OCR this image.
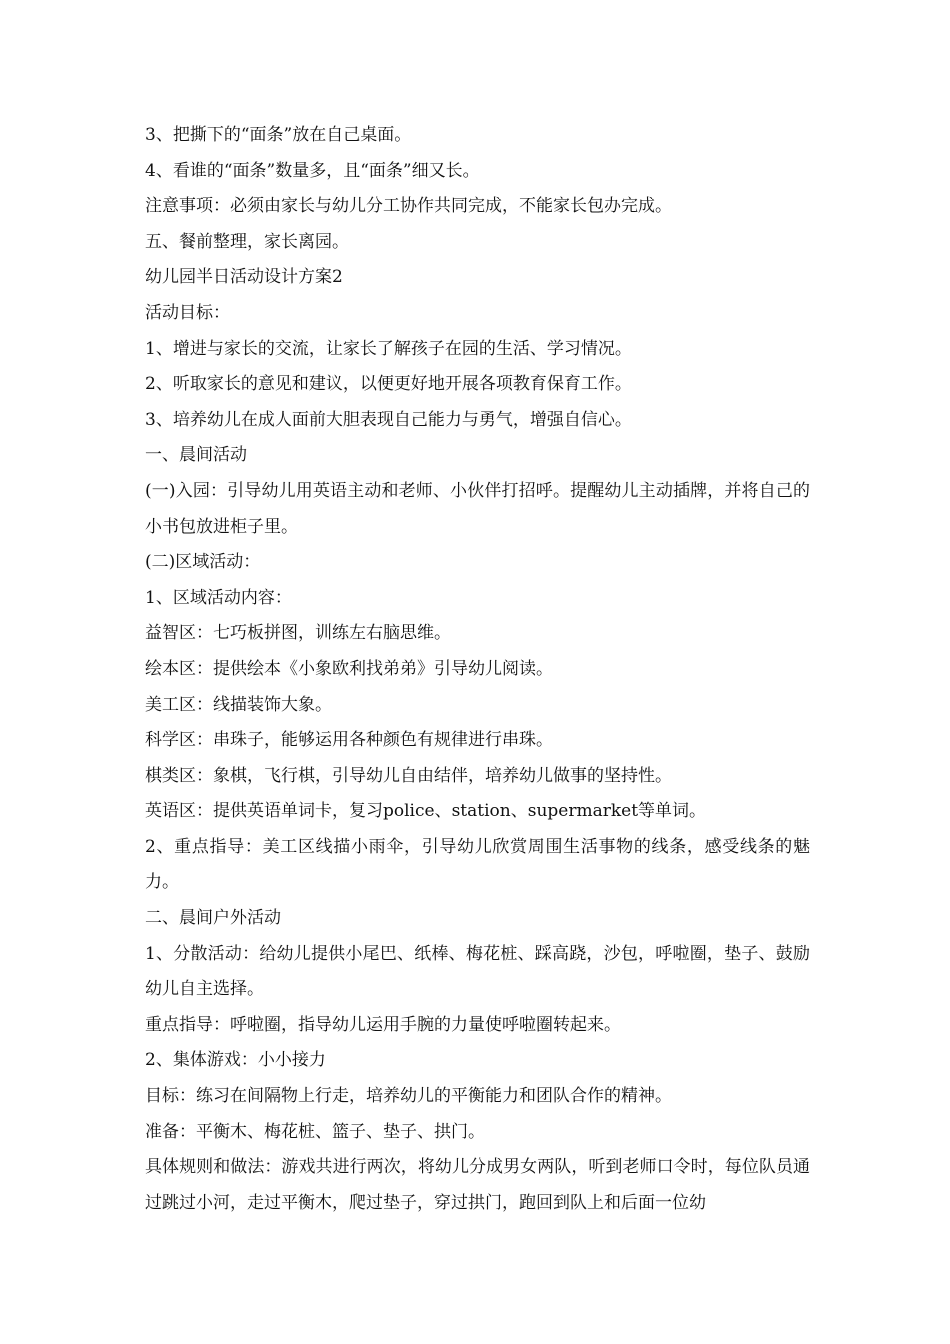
3、把撕下的“面条”放在自己桌面。

4、看谁的“面条”数量多，且“面条”细又长。

注意事项：必须由家长与幼儿分工协作共同完成，不能家长包办完成。

五、餐前整理，家长离园。

幼儿园半日活动设计方案2

活动目标：

1、增进与家长的交流，让家长了解孩子在园的生活、学习情况。

2、听取家长的意见和建议，以便更好地开展各项教育保育工作。

3、培养幼儿在成人面前大胆表现自己能力与勇气，增强自信心。

一、晨间活动

(一)入园：引导幼儿用英语主动和老师、小伙伴打招呼。提醒幼儿主动插牌，并将自己的小书包放进柜子里。

(二)区域活动：

1、区域活动内容：

益智区：七巧板拼图，训练左右脑思维。

绘本区：提供绘本《小象欧利找弟弟》引导幼儿阅读。

美工区：线描装饰大象。

科学区：串珠子，能够运用各种颜色有规律进行串珠。

棋类区：象棋，飞行棋，引导幼儿自由结伴，培养幼儿做事的坚持性。

英语区：提供英语单词卡，复习police、station、supermarket等单词。

2、重点指导：美工区线描小雨伞，引导幼儿欣赏周围生活事物的线条，感受线条的魅力。

二、晨间户外活动

1、分散活动：给幼儿提供小尾巴、纸棒、梅花桩、踩高跷，沙包，呼啦圈，垫子、鼓励幼儿自主选择。

重点指导：呼啦圈，指导幼儿运用手腕的力量使呼啦圈转起来。

2、集体游戏：小小接力

目标：练习在间隔物上行走，培养幼儿的平衡能力和团队合作的精神。

准备：平衡木、梅花桩、篮子、垫子、拱门。

具体规则和做法：游戏共进行两次，将幼儿分成男女两队，听到老师口令时，每位队员通过跳过小河，走过平衡木，爬过垫子，穿过拱门，跑回到队上和后面一位幼
